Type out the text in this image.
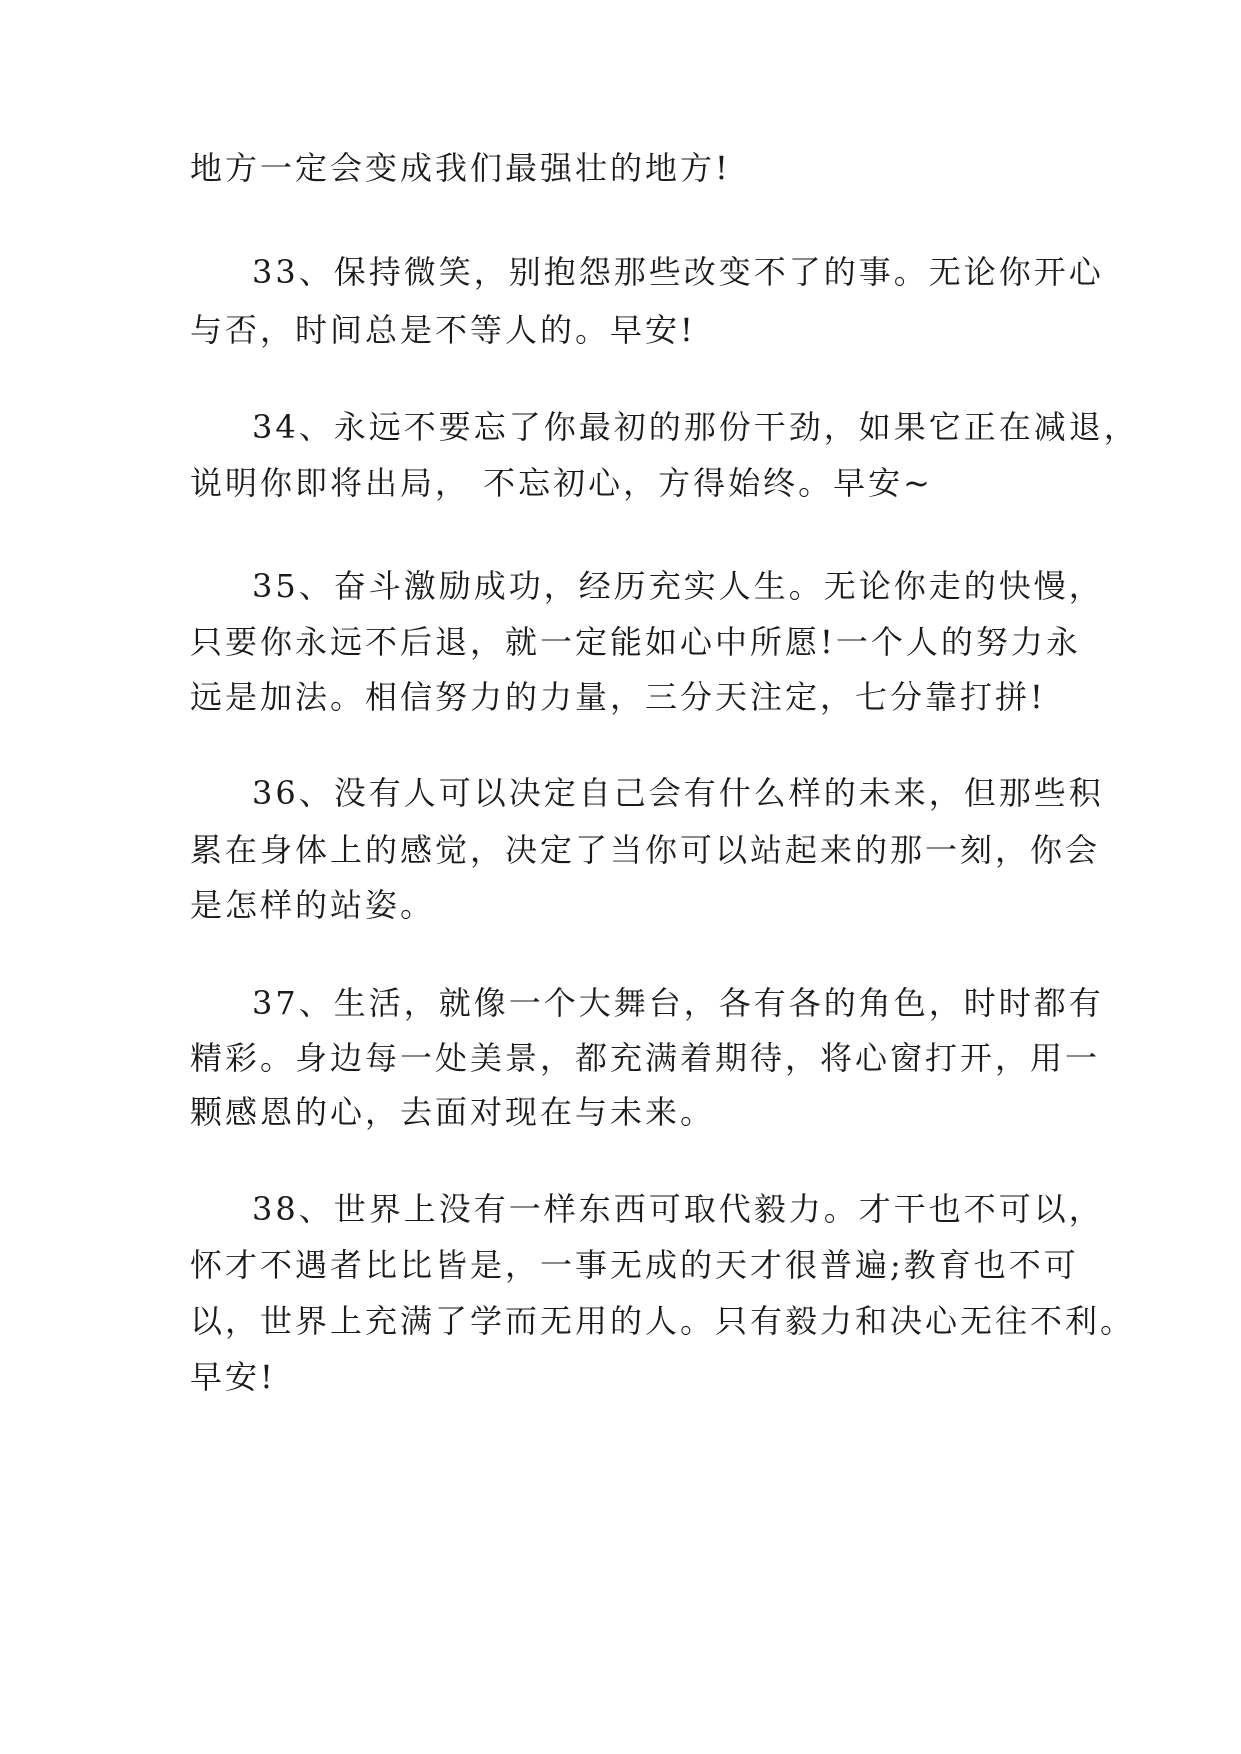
地方一定会变成我们最强壮的地方!
33、保持微笑，别抱怨那些改变不了的事。无论你开心
与否，时间总是不等人的。早安!
34、永远不要忘了你最初的那份干劲，如果它正在减退，
说明你即将出局， 不忘初心，方得始终。早安~
35、奋斗激励成功，经历充实人生。无论你走的快慢，
只要你永远不后退，就一定能如心中所愿!一个人的努力永
远是加法。相信努力的力量，三分天注定，七分靠打拼!
36、没有人可以决定自己会有什么样的未来，但那些积
累在身体上的感觉，决定了当你可以站起来的那一刻，你会
是怎样的站姿。
37、生活，就像一个大舞台，各有各的角色，时时都有
精彩。身边每一处美景，都充满着期待，将心窗打开，用一
颗感恩的心，去面对现在与未来。
38、世界上没有一样东西可取代毅力。才干也不可以，
怀才不遇者比比皆是，一事无成的天才很普遍;教育也不可
以，世界上充满了学而无用的人。只有毅力和决心无往不利。
早安!
